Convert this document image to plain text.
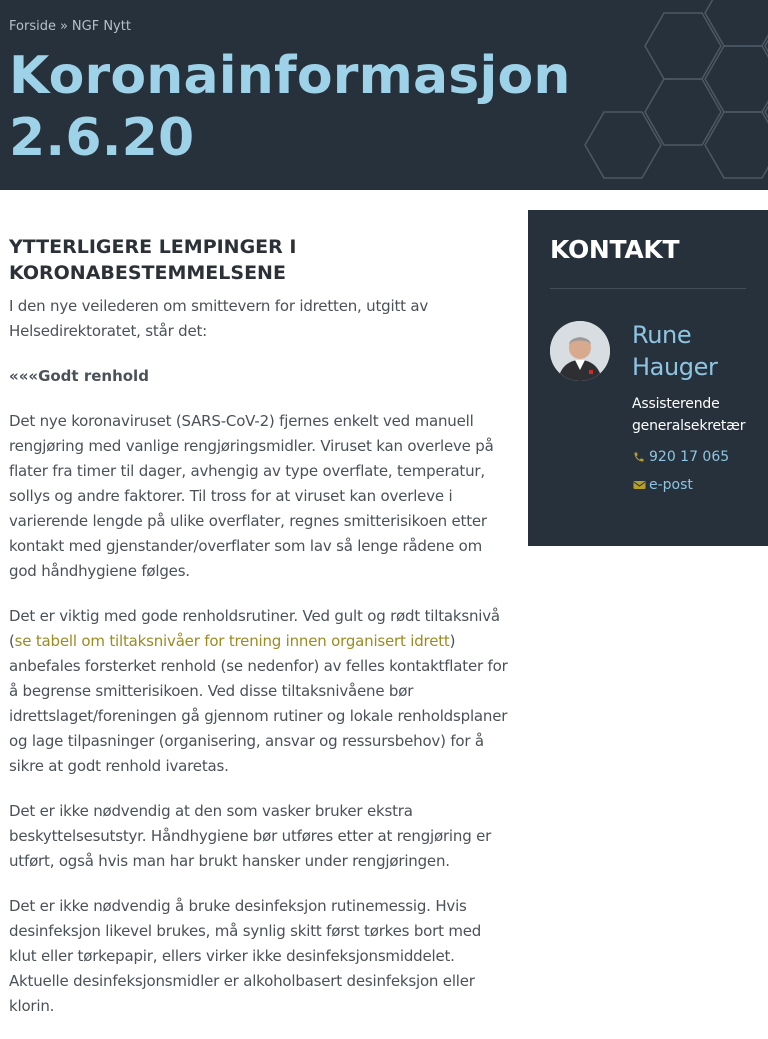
Forside » NGF Nytt
Koronainformasjon 2.6.20
YTTERLIGERE LEMPINGER I KORONABESTEMMELSENE

I den nye veilederen om smittevern for idretten, utgitt av Helsedirektoratet, står det:

«««Godt renhold

Det nye koronaviruset (SARS-CoV-2) fjernes enkelt ved manuell rengjøring med vanlige rengjøringsmidler. Viruset kan overleve på flater fra timer til dager, avhengig av type overflate, temperatur, sollys og andre faktorer. Til tross for at viruset kan overleve i varierende lengde på ulike overflater, regnes smitterisikoen etter kontakt med gjenstander/overflater som lav så lenge rådene om god håndhygiene følges.

Det er viktig med gode renholdsrutiner. Ved gult og rødt tiltaksnivå (se tabell om tiltaksnivåer for trening innen organisert idrett) anbefales forsterket renhold (se nedenfor) av felles kontaktflater for å begrense smitterisikoen. Ved disse tiltaksnivåene bør idrettslaget/foreningen gå gjennom rutiner og lokale renholdsplaner og lage tilpasninger (organisering, ansvar og ressursbehov) for å sikre at godt renhold ivaretas.

Det er ikke nødvendig at den som vasker bruker ekstra beskyttelsesutstyr. Håndhygiene bør utføres etter at rengjøring er utført, også hvis man har brukt hansker under rengjøringen.

Det er ikke nødvendig å bruke desinfeksjon rutinemessig. Hvis desinfeksjon likevel brukes, må synlig skitt først tørkes bort med klut eller tørkepapir, ellers virker ikke desinfeksjonsmiddelet. Aktuelle desinfeksjonsmidler er alkoholbasert desinfeksjon eller klorin.

KONTAKT
Rune Hauger
Assisterende generalsekretær
920 17 065
e-post
